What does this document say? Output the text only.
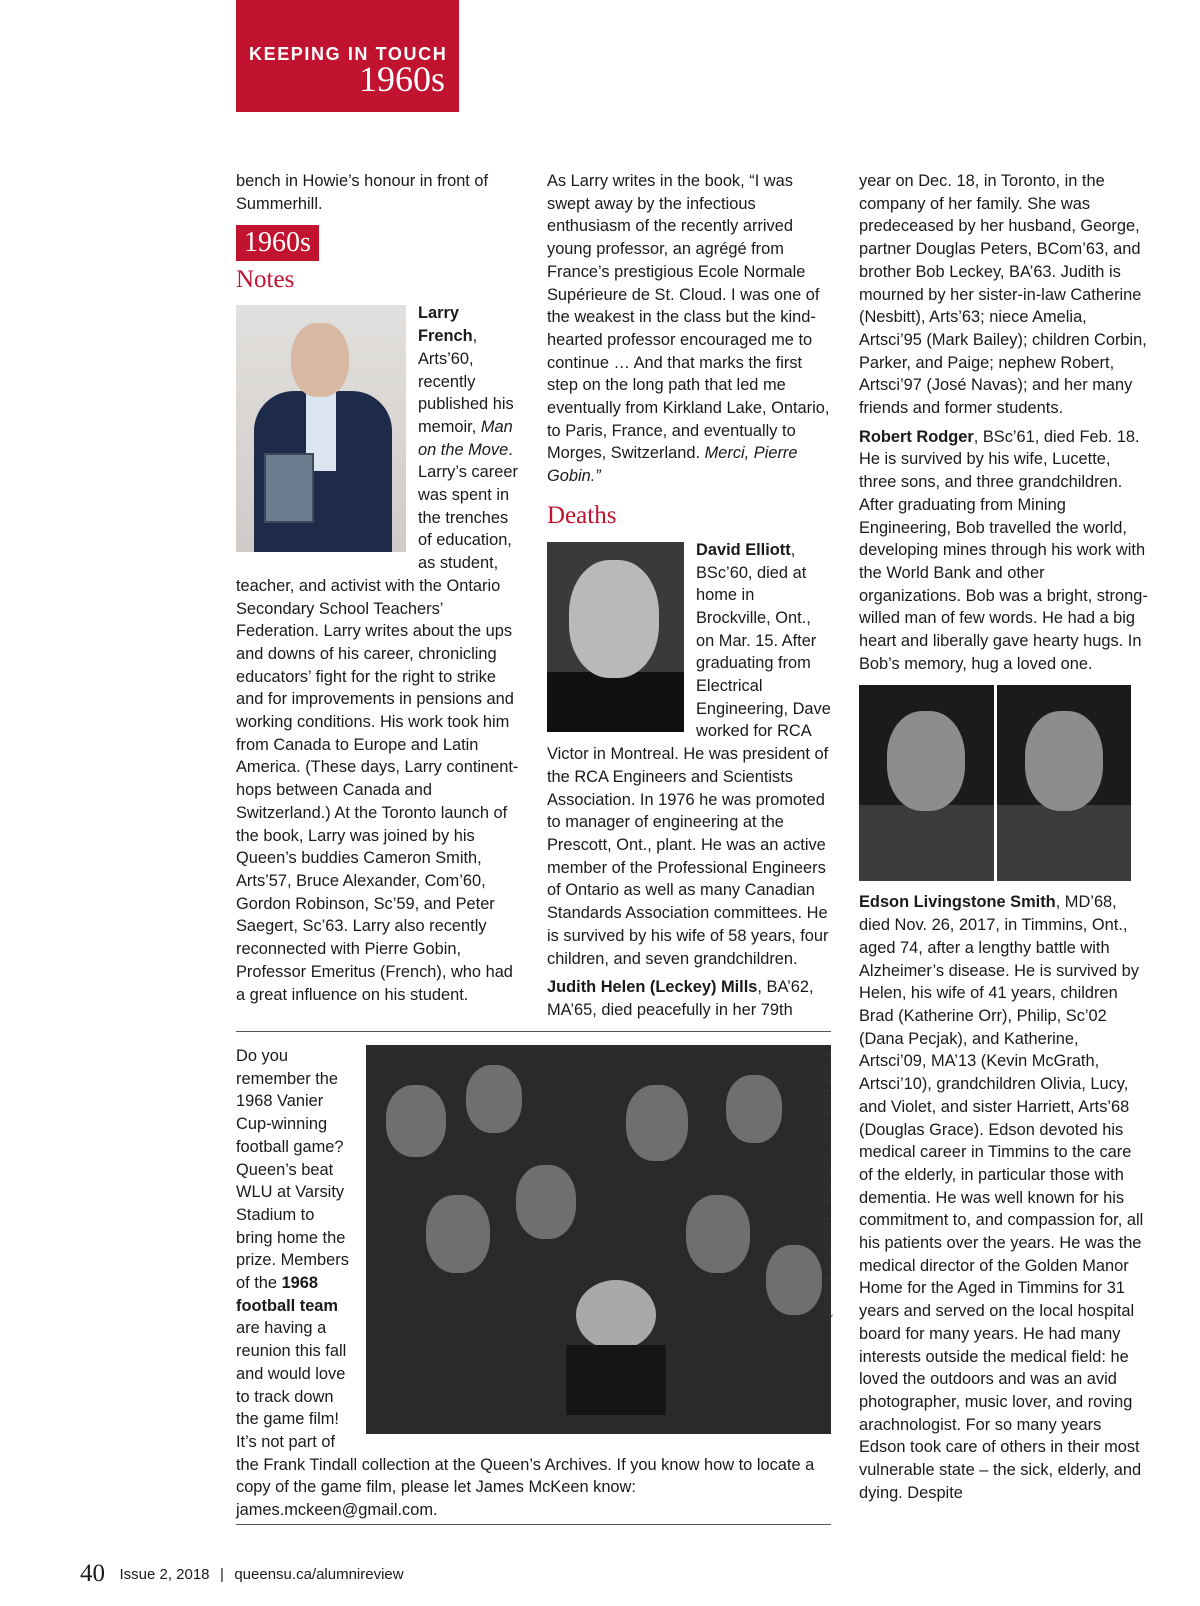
KEEPING IN TOUCH
1960s

bench in Howie’s honour in front of Summerhill.

1960s
Notes

Larry French, Arts’60, recently published his memoir, Man on the Move. Larry’s career was spent in the trenches of education, as student, teacher, and activist with the Ontario Secondary School Teachers’ Federation. Larry writes about the ups and downs of his career, chronicling educators’ fight for the right to strike and for improvements in pensions and working conditions. His work took him from Canada to Europe and Latin America. (These days, Larry continent-hops between Canada and Switzerland.) At the Toronto launch of the book, Larry was joined by his Queen’s buddies Cameron Smith, Arts’57, Bruce Alexander, Com’60, Gordon Robinson, Sc’59, and Peter Saegert, Sc’63. Larry also recently reconnected with Pierre Gobin, Professor Emeritus (French), who had a great influence on his student.

As Larry writes in the book, “I was swept away by the infectious enthusiasm of the recently arrived young professor, an agrégé from France’s prestigious Ecole Normale Supérieure de St. Cloud. I was one of the weakest in the class but the kind-hearted professor encouraged me to continue … And that marks the first step on the long path that led me eventually from Kirkland Lake, Ontario, to Paris, France, and eventually to Morges, Switzerland. Merci, Pierre Gobin.”

Deaths

David Elliott, BSc’60, died at home in Brockville, Ont., on Mar. 15. After graduating from Electrical Engineering, Dave worked for RCA Victor in Montreal. He was president of the RCA Engineers and Scientists Association. In 1976 he was promoted to manager of engineering at the Prescott, Ont., plant. He was an active member of the Professional Engineers of Ontario as well as many Canadian Standards Association committees. He is survived by his wife of 58 years, four children, and seven grandchildren.

Judith Helen (Leckey) Mills, BA’62, MA’65, died peacefully in her 79th

year on Dec. 18, in Toronto, in the company of her family. She was predeceased by her husband, George, partner Douglas Peters, BCom’63, and brother Bob Leckey, BA’63. Judith is mourned by her sister-in-law Catherine (Nesbitt), Arts’63; niece Amelia, Artsci’95 (Mark Bailey); children Corbin, Parker, and Paige; nephew Robert, Artsci’97 (José Navas); and her many friends and former students.

Robert Rodger, BSc’61, died Feb. 18. He is survived by his wife, Lucette, three sons, and three grandchildren. After graduating from Mining Engineering, Bob travelled the world, developing mines through his work with the World Bank and other organizations. Bob was a bright, strong-willed man of few words. He had a big heart and liberally gave hearty hugs. In Bob’s memory, hug a loved one.

Edson Livingstone Smith, MD’68, died Nov. 26, 2017, in Timmins, Ont., aged 74, after a lengthy battle with Alzheimer’s disease. He is survived by Helen, his wife of 41 years, children Brad (Katherine Orr), Philip, Sc’02 (Dana Pecjak), and Katherine, Artsci’09, MA’13 (Kevin McGrath, Artsci’10), grandchildren Olivia, Lucy, and Violet, and sister Harriett, Arts’68 (Douglas Grace). Edson devoted his medical career in Timmins to the care of the elderly, in particular those with dementia. He was well known for his commitment to, and compassion for, all his patients over the years. He was the medical director of the Golden Manor Home for the Aged in Timmins for 31 years and served on the local hospital board for many years. He had many interests outside the medical field: he loved the outdoors and was an avid photographer, music lover, and roving arachnologist. For so many years Edson took care of others in their most vulnerable state – the sick, elderly, and dying. Despite

Do you remember the 1968 Vanier Cup-winning football game? Queen’s beat WLU at Varsity Stadium to bring home the prize. Members of the 1968 football team are having a reunion this fall and would love to track down the game film! It’s not part of the Frank Tindall collection at the Queen’s Archives. If you know how to locate a copy of the game film, please let James McKeen know: james.mckeen@gmail.com.

QUEEN’S UNIVERSITY ARCHIVES V28-A-FOOT-1968-2
40 Issue 2, 2018 | queensu.ca/alumnireview
